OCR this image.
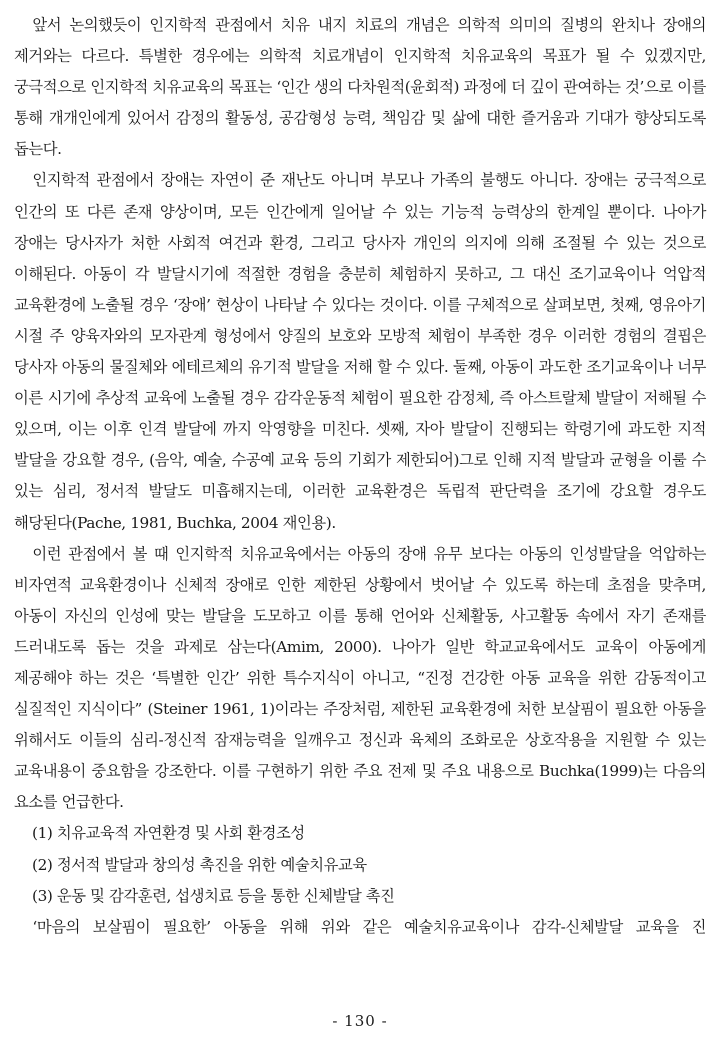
앞서 논의했듯이 인지학적 관점에서 치유 내지 치료의 개념은 의학적 의미의 질병의 완치나 장애의 제거와는 다르다. 특별한 경우에는 의학적 치료개념이 인지학적 치유교육의 목표가 될 수 있겠지만, 궁극적으로 인지학적 치유교육의 목표는 ‘인간 생의 다차원적(윤회적) 과정에 더 깊이 관여하는 것’으로 이를 통해 개개인에게 있어서 감정의 활동성, 공감형성 능력, 책임감 및 삶에 대한 즐거움과 기대가 향상되도록 돕는다.

인지학적 관점에서 장애는 자연이 준 재난도 아니며 부모나 가족의 불행도 아니다. 장애는 궁극적으로 인간의 또 다른 존재 양상이며, 모든 인간에게 일어날 수 있는 기능적 능력상의 한계일 뿐이다. 나아가 장애는 당사자가 처한 사회적 여건과 환경, 그리고 당사자 개인의 의지에 의해 조절될 수 있는 것으로 이해된다. 아동이 각 발달시기에 적절한 경험을 충분히 체험하지 못하고, 그 대신 조기교육이나 억압적 교육환경에 노출될 경우 ‘장애’ 현상이 나타날 수 있다는 것이다. 이를 구체적으로 살펴보면, 첫째, 영유아기 시절 주 양육자와의 모자관계 형성에서 양질의 보호와 모방적 체험이 부족한 경우 이러한 경험의 결핍은 당사자 아동의 물질체와 에테르체의 유기적 발달을 저해 할 수 있다. 둘째, 아동이 과도한 조기교육이나 너무 이른 시기에 추상적 교육에 노출될 경우 감각운동적 체험이 필요한 감정체, 즉 아스트랄체 발달이 저해될 수 있으며, 이는 이후 인격 발달에 까지 악영향을 미친다. 셋째, 자아 발달이 진행되는 학령기에 과도한 지적 발달을 강요할 경우, (음악, 예술, 수공예 교육 등의 기회가 제한되어)그로 인해 지적 발달과 균형을 이룰 수 있는 심리, 정서적 발달도 미흡해지는데, 이러한 교육환경은 독립적 판단력을 조기에 강요할 경우도 해당된다(Pache, 1981, Buchka, 2004 재인용).

이런 관점에서 볼 때 인지학적 치유교육에서는 아동의 장애 유무 보다는 아동의 인성발달을 억압하는 비자연적 교육환경이나 신체적 장애로 인한 제한된 상황에서 벗어날 수 있도록 하는데 초점을 맞추며, 아동이 자신의 인성에 맞는 발달을 도모하고 이를 통해 언어와 신체활동, 사고활동 속에서 자기 존재를 드러내도록 돕는 것을 과제로 삼는다(Amim, 2000). 나아가 일반 학교교육에서도 교육이 아동에게 제공해야 하는 것은 ‘특별한 인간’ 위한 특수지식이 아니고, “진정 건강한 아동 교육을 위한 감동적이고 실질적인 지식이다” (Steiner 1961, 1)이라는 주장처럼, 제한된 교육환경에 처한 보살핌이 필요한 아동을 위해서도 이들의 심리-정신적 잠재능력을 일깨우고 정신과 육체의 조화로운 상호작용을 지원할 수 있는 교육내용이 중요함을 강조한다. 이를 구현하기 위한 주요 전제 및 주요 내용으로 Buchka(1999)는 다음의 요소를 언급한다.

(1) 치유교육적 자연환경 및 사회 환경조성

(2) 정서적 발달과 창의성 촉진을 위한 예술치유교육

(3) 운동 및 감각훈련, 섭생치료 등을 통한 신체발달 촉진

‘마음의 보살핌이 필요한’ 아동을 위해 위와 같은 예술치유교육이나 감각-신체발달 교육을 진

- 130 -
